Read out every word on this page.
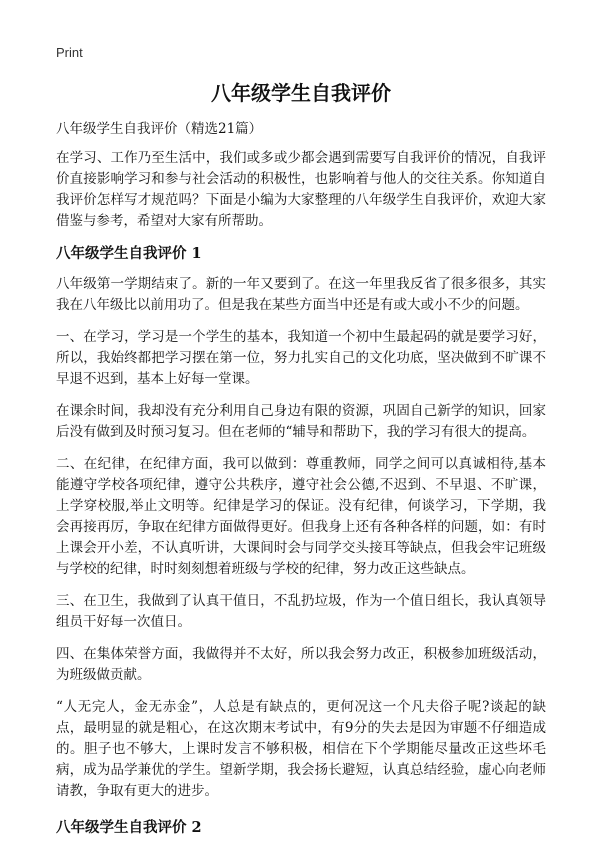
Print
八年级学生自我评价
八年级学生自我评价（精选21篇）

在学习、工作乃至生活中，我们或多或少都会遇到需要写自我评价的情况，自我评价直接影响学习和参与社会活动的积极性，也影响着与他人的交往关系。你知道自我评价怎样写才规范吗？下面是小编为大家整理的八年级学生自我评价，欢迎大家借鉴与参考，希望对大家有所帮助。

八年级学生自我评价 1

八年级第一学期结束了。新的一年又要到了。在这一年里我反省了很多很多，其实我在八年级比以前用功了。但是我在某些方面当中还是有或大或小不少的问题。

一、在学习，学习是一个学生的基本，我知道一个初中生最起码的就是要学习好，所以，我始终都把学习摆在第一位，努力扎实自己的文化功底，坚决做到不旷课不早退不迟到，基本上好每一堂课。

在课余时间，我却没有充分利用自己身边有限的资源，巩固自己新学的知识，回家后没有做到及时预习复习。但在老师的“辅导和帮助下，我的学习有很大的提高。

二、在纪律，在纪律方面，我可以做到：尊重教师，同学之间可以真诚相待,基本能遵守学校各项纪律，遵守公共秩序，遵守社会公德,不迟到、不早退、不旷课，上学穿校服,举止文明等。纪律是学习的保证。没有纪律，何谈学习，下学期，我会再接再厉，争取在纪律方面做得更好。但我身上还有各种各样的问题，如：有时上课会开小差，不认真听讲，大课间时会与同学交头接耳等缺点，但我会牢记班级与学校的纪律，时时刻刻想着班级与学校的纪律，努力改正这些缺点。

三、在卫生，我做到了认真干值日，不乱扔垃圾，作为一个值日组长，我认真领导组员干好每一次值日。

四、在集体荣誉方面，我做得并不太好，所以我会努力改正，积极参加班级活动，为班级做贡献。

“人无完人，金无赤金”，人总是有缺点的，更何况这一个凡夫俗子呢?谈起的缺点，最明显的就是粗心，在这次期末考试中，有9分的失去是因为审题不仔细造成的。胆子也不够大，上课时发言不够积极，相信在下个学期能尽量改正这些坏毛病，成为品学兼优的学生。望新学期，我会扬长避短，认真总结经验，虚心向老师请教，争取有更大的进步。

八年级学生自我评价 2
